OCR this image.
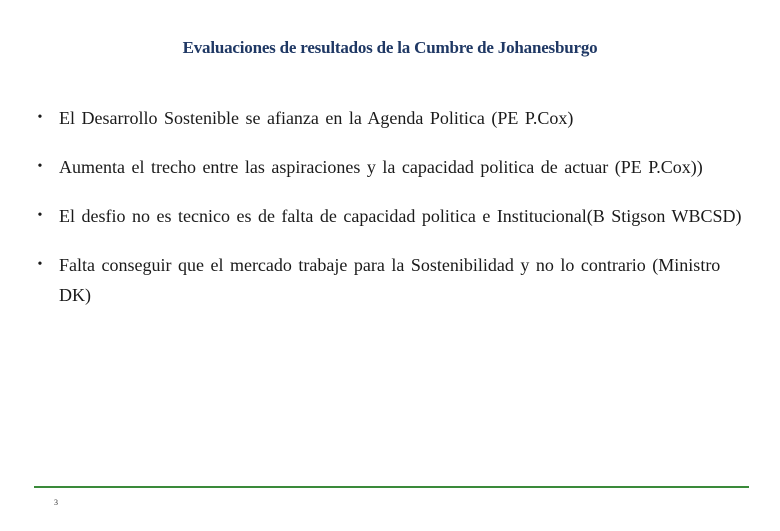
Evaluaciones de resultados de la Cumbre de Johanesburgo
• El Desarrollo Sostenible se afianza en la Agenda Politica (PE P.Cox)
• Aumenta el trecho entre las aspiraciones y la capacidad politica de actuar (PE P.Cox))
• El desfio no es tecnico es de falta de capacidad politica e Institucional(B Stigson WBCSD)
• Falta conseguir que el mercado trabaje para la Sostenibilidad y no lo contrario (Ministro DK)
3
